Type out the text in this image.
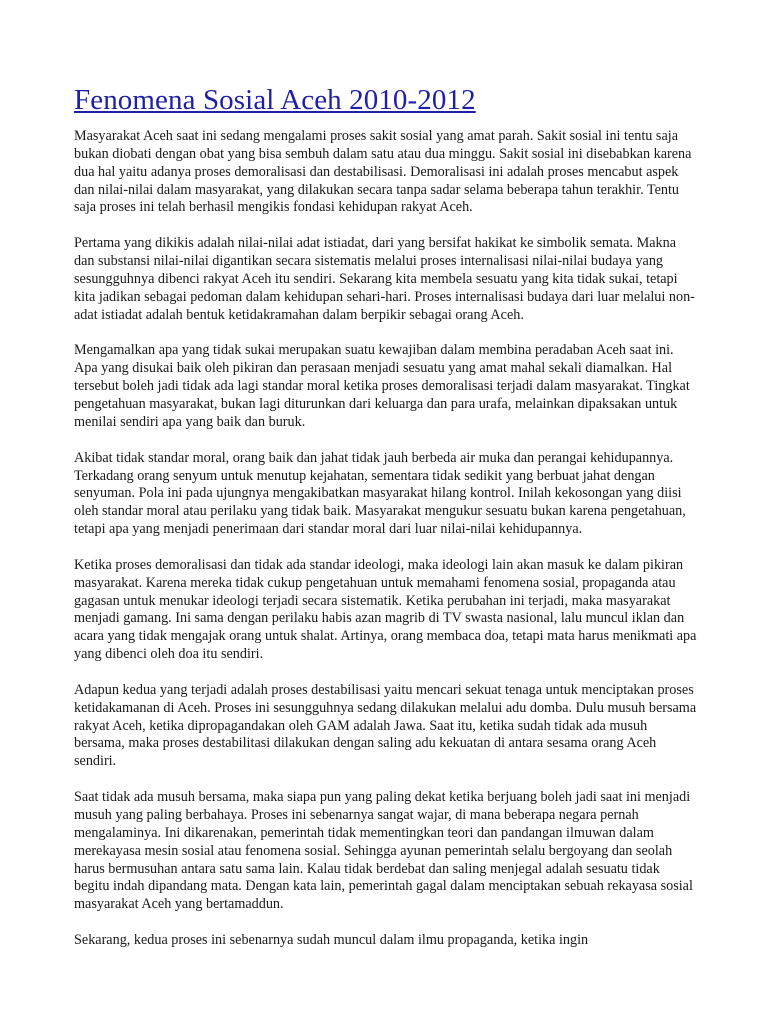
Fenomena Sosial Aceh 2010-2012

Masyarakat Aceh saat ini sedang mengalami proses sakit sosial yang amat parah. Sakit sosial ini tentu saja bukan diobati dengan obat yang bisa sembuh dalam satu atau dua minggu. Sakit sosial ini disebabkan karena dua hal yaitu adanya proses demoralisasi dan destabilisasi. Demoralisasi ini adalah proses mencabut aspek dan nilai-nilai dalam masyarakat, yang dilakukan secara tanpa sadar selama beberapa tahun terakhir. Tentu saja proses ini telah berhasil mengikis fondasi kehidupan rakyat Aceh.

Pertama yang dikikis adalah nilai-nilai adat istiadat, dari yang bersifat hakikat ke simbolik semata. Makna dan substansi nilai-nilai digantikan secara sistematis melalui proses internalisasi nilai-nilai budaya yang sesungguhnya dibenci rakyat Aceh itu sendiri. Sekarang kita membela sesuatu yang kita tidak sukai, tetapi kita jadikan sebagai pedoman dalam kehidupan sehari-hari. Proses internalisasi budaya dari luar melalui non-adat istiadat adalah bentuk ketidakramahan dalam berpikir sebagai orang Aceh.

Mengamalkan apa yang tidak sukai merupakan suatu kewajiban dalam membina peradaban Aceh saat ini. Apa yang disukai baik oleh pikiran dan perasaan menjadi sesuatu yang amat mahal sekali diamalkan. Hal tersebut boleh jadi tidak ada lagi standar moral ketika proses demoralisasi terjadi dalam masyarakat. Tingkat pengetahuan masyarakat, bukan lagi diturunkan dari keluarga dan para urafa, melainkan dipaksakan untuk menilai sendiri apa yang baik dan buruk.

Akibat tidak standar moral, orang baik dan jahat tidak jauh berbeda air muka dan perangai kehidupannya. Terkadang orang senyum untuk menutup kejahatan, sementara tidak sedikit yang berbuat jahat dengan senyuman. Pola ini pada ujungnya mengakibatkan masyarakat hilang kontrol. Inilah kekosongan yang diisi oleh standar moral atau perilaku yang tidak baik. Masyarakat mengukur sesuatu bukan karena pengetahuan, tetapi apa yang menjadi penerimaan dari standar moral dari luar nilai-nilai kehidupannya.

Ketika proses demoralisasi dan tidak ada standar ideologi, maka ideologi lain akan masuk ke dalam pikiran masyarakat. Karena mereka tidak cukup pengetahuan untuk memahami fenomena sosial, propaganda atau gagasan untuk menukar ideologi terjadi secara sistematik. Ketika perubahan ini terjadi, maka masyarakat menjadi gamang. Ini sama dengan perilaku habis azan magrib di TV swasta nasional, lalu muncul iklan dan acara yang tidak mengajak orang untuk shalat. Artinya, orang membaca doa, tetapi mata harus menikmati apa yang dibenci oleh doa itu sendiri.

Adapun kedua yang terjadi adalah proses destabilisasi yaitu mencari sekuat tenaga untuk menciptakan proses ketidakamanan di Aceh. Proses ini sesungguhnya sedang dilakukan melalui adu domba. Dulu musuh bersama rakyat Aceh, ketika dipropagandakan oleh GAM adalah Jawa. Saat itu, ketika sudah tidak ada musuh bersama, maka proses destabilitasi dilakukan dengan saling adu kekuatan di antara sesama orang Aceh sendiri.

Saat tidak ada musuh bersama, maka siapa pun yang paling dekat ketika berjuang boleh jadi saat ini menjadi musuh yang paling berbahaya. Proses ini sebenarnya sangat wajar, di mana beberapa negara pernah mengalaminya. Ini dikarenakan, pemerintah tidak mementingkan teori dan pandangan ilmuwan dalam merekayasa mesin sosial atau fenomena sosial. Sehingga ayunan pemerintah selalu bergoyang dan seolah harus bermusuhan antara satu sama lain. Kalau tidak berdebat dan saling menjegal adalah sesuatu tidak begitu indah dipandang mata. Dengan kata lain, pemerintah gagal dalam menciptakan sebuah rekayasa sosial masyarakat Aceh yang bertamaddun.

Sekarang, kedua proses ini sebenarnya sudah muncul dalam ilmu propaganda, ketika ingin
